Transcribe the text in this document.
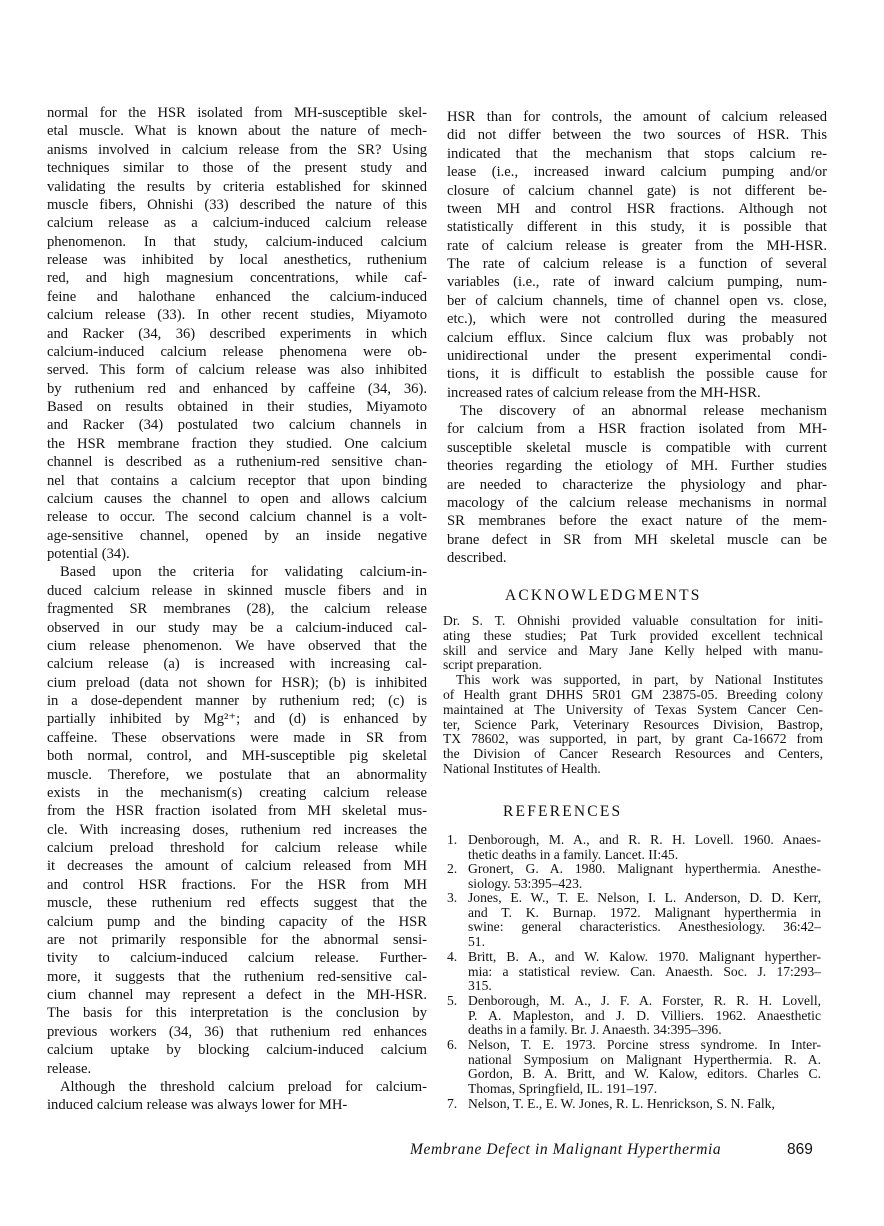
normal for the HSR isolated from MH-susceptible skel-
etal muscle. What is known about the nature of mech-
anisms involved in calcium release from the SR? Using
techniques similar to those of the present study and
validating the results by criteria established for skinned
muscle fibers, Ohnishi (33) described the nature of this
calcium release as a calcium-induced calcium release
phenomenon. In that study, calcium-induced calcium
release was inhibited by local anesthetics, ruthenium
red, and high magnesium concentrations, while caf-
feine and halothane enhanced the calcium-induced
calcium release (33). In other recent studies, Miyamoto
and Racker (34, 36) described experiments in which
calcium-induced calcium release phenomena were ob-
served. This form of calcium release was also inhibited
by ruthenium red and enhanced by caffeine (34, 36).
Based on results obtained in their studies, Miyamoto
and Racker (34) postulated two calcium channels in
the HSR membrane fraction they studied. One calcium
channel is described as a ruthenium-red sensitive chan-
nel that contains a calcium receptor that upon binding
calcium causes the channel to open and allows calcium
release to occur. The second calcium channel is a volt-
age-sensitive channel, opened by an inside negative
potential (34).
Based upon the criteria for validating calcium-in-
duced calcium release in skinned muscle fibers and in
fragmented SR membranes (28), the calcium release
observed in our study may be a calcium-induced cal-
cium release phenomenon. We have observed that the
calcium release (a) is increased with increasing cal-
cium preload (data not shown for HSR); (b) is inhibited
in a dose-dependent manner by ruthenium red; (c) is
partially inhibited by Mg²⁺; and (d) is enhanced by
caffeine. These observations were made in SR from
both normal, control, and MH-susceptible pig skeletal
muscle. Therefore, we postulate that an abnormality
exists in the mechanism(s) creating calcium release
from the HSR fraction isolated from MH skeletal mus-
cle. With increasing doses, ruthenium red increases the
calcium preload threshold for calcium release while
it decreases the amount of calcium released from MH
and control HSR fractions. For the HSR from MH
muscle, these ruthenium red effects suggest that the
calcium pump and the binding capacity of the HSR
are not primarily responsible for the abnormal sensi-
tivity to calcium-induced calcium release. Further-
more, it suggests that the ruthenium red-sensitive cal-
cium channel may represent a defect in the MH-HSR.
The basis for this interpretation is the conclusion by
previous workers (34, 36) that ruthenium red enhances
calcium uptake by blocking calcium-induced calcium
release.
Although the threshold calcium preload for calcium-
induced calcium release was always lower for MH-
HSR than for controls, the amount of calcium released
did not differ between the two sources of HSR. This
indicated that the mechanism that stops calcium re-
lease (i.e., increased inward calcium pumping and/or
closure of calcium channel gate) is not different be-
tween MH and control HSR fractions. Although not
statistically different in this study, it is possible that
rate of calcium release is greater from the MH-HSR.
The rate of calcium release is a function of several
variables (i.e., rate of inward calcium pumping, num-
ber of calcium channels, time of channel open vs. close,
etc.), which were not controlled during the measured
calcium efflux. Since calcium flux was probably not
unidirectional under the present experimental condi-
tions, it is difficult to establish the possible cause for
increased rates of calcium release from the MH-HSR.
The discovery of an abnormal release mechanism
for calcium from a HSR fraction isolated from MH-
susceptible skeletal muscle is compatible with current
theories regarding the etiology of MH. Further studies
are needed to characterize the physiology and phar-
macology of the calcium release mechanisms in normal
SR membranes before the exact nature of the mem-
brane defect in SR from MH skeletal muscle can be
described.
ACKNOWLEDGMENTS
Dr. S. T. Ohnishi provided valuable consultation for initi-
ating these studies; Pat Turk provided excellent technical
skill and service and Mary Jane Kelly helped with manu-
script preparation.
This work was supported, in part, by National Institutes
of Health grant DHHS 5R01 GM 23875-05. Breeding colony
maintained at The University of Texas System Cancer Cen-
ter, Science Park, Veterinary Resources Division, Bastrop,
TX 78602, was supported, in part, by grant Ca-16672 from
the Division of Cancer Research Resources and Centers,
National Institutes of Health.
REFERENCES
1. Denborough, M. A., and R. R. H. Lovell. 1960. Anaes-
thetic deaths in a family. Lancet. II:45.
2. Gronert, G. A. 1980. Malignant hyperthermia. Anesthe-
siology. 53:395–423.
3. Jones, E. W., T. E. Nelson, I. L. Anderson, D. D. Kerr,
and T. K. Burnap. 1972. Malignant hyperthermia in
swine: general characteristics. Anesthesiology. 36:42–
51.
4. Britt, B. A., and W. Kalow. 1970. Malignant hyperther-
mia: a statistical review. Can. Anaesth. Soc. J. 17:293–
315.
5. Denborough, M. A., J. F. A. Forster, R. R. H. Lovell,
P. A. Mapleston, and J. D. Villiers. 1962. Anaesthetic
deaths in a family. Br. J. Anaesth. 34:395–396.
6. Nelson, T. E. 1973. Porcine stress syndrome. In Inter-
national Symposium on Malignant Hyperthermia. R. A.
Gordon, B. A. Britt, and W. Kalow, editors. Charles C.
Thomas, Springfield, IL. 191–197.
7. Nelson, T. E., E. W. Jones, R. L. Henrickson, S. N. Falk,
Membrane Defect in Malignant Hyperthermia	869
